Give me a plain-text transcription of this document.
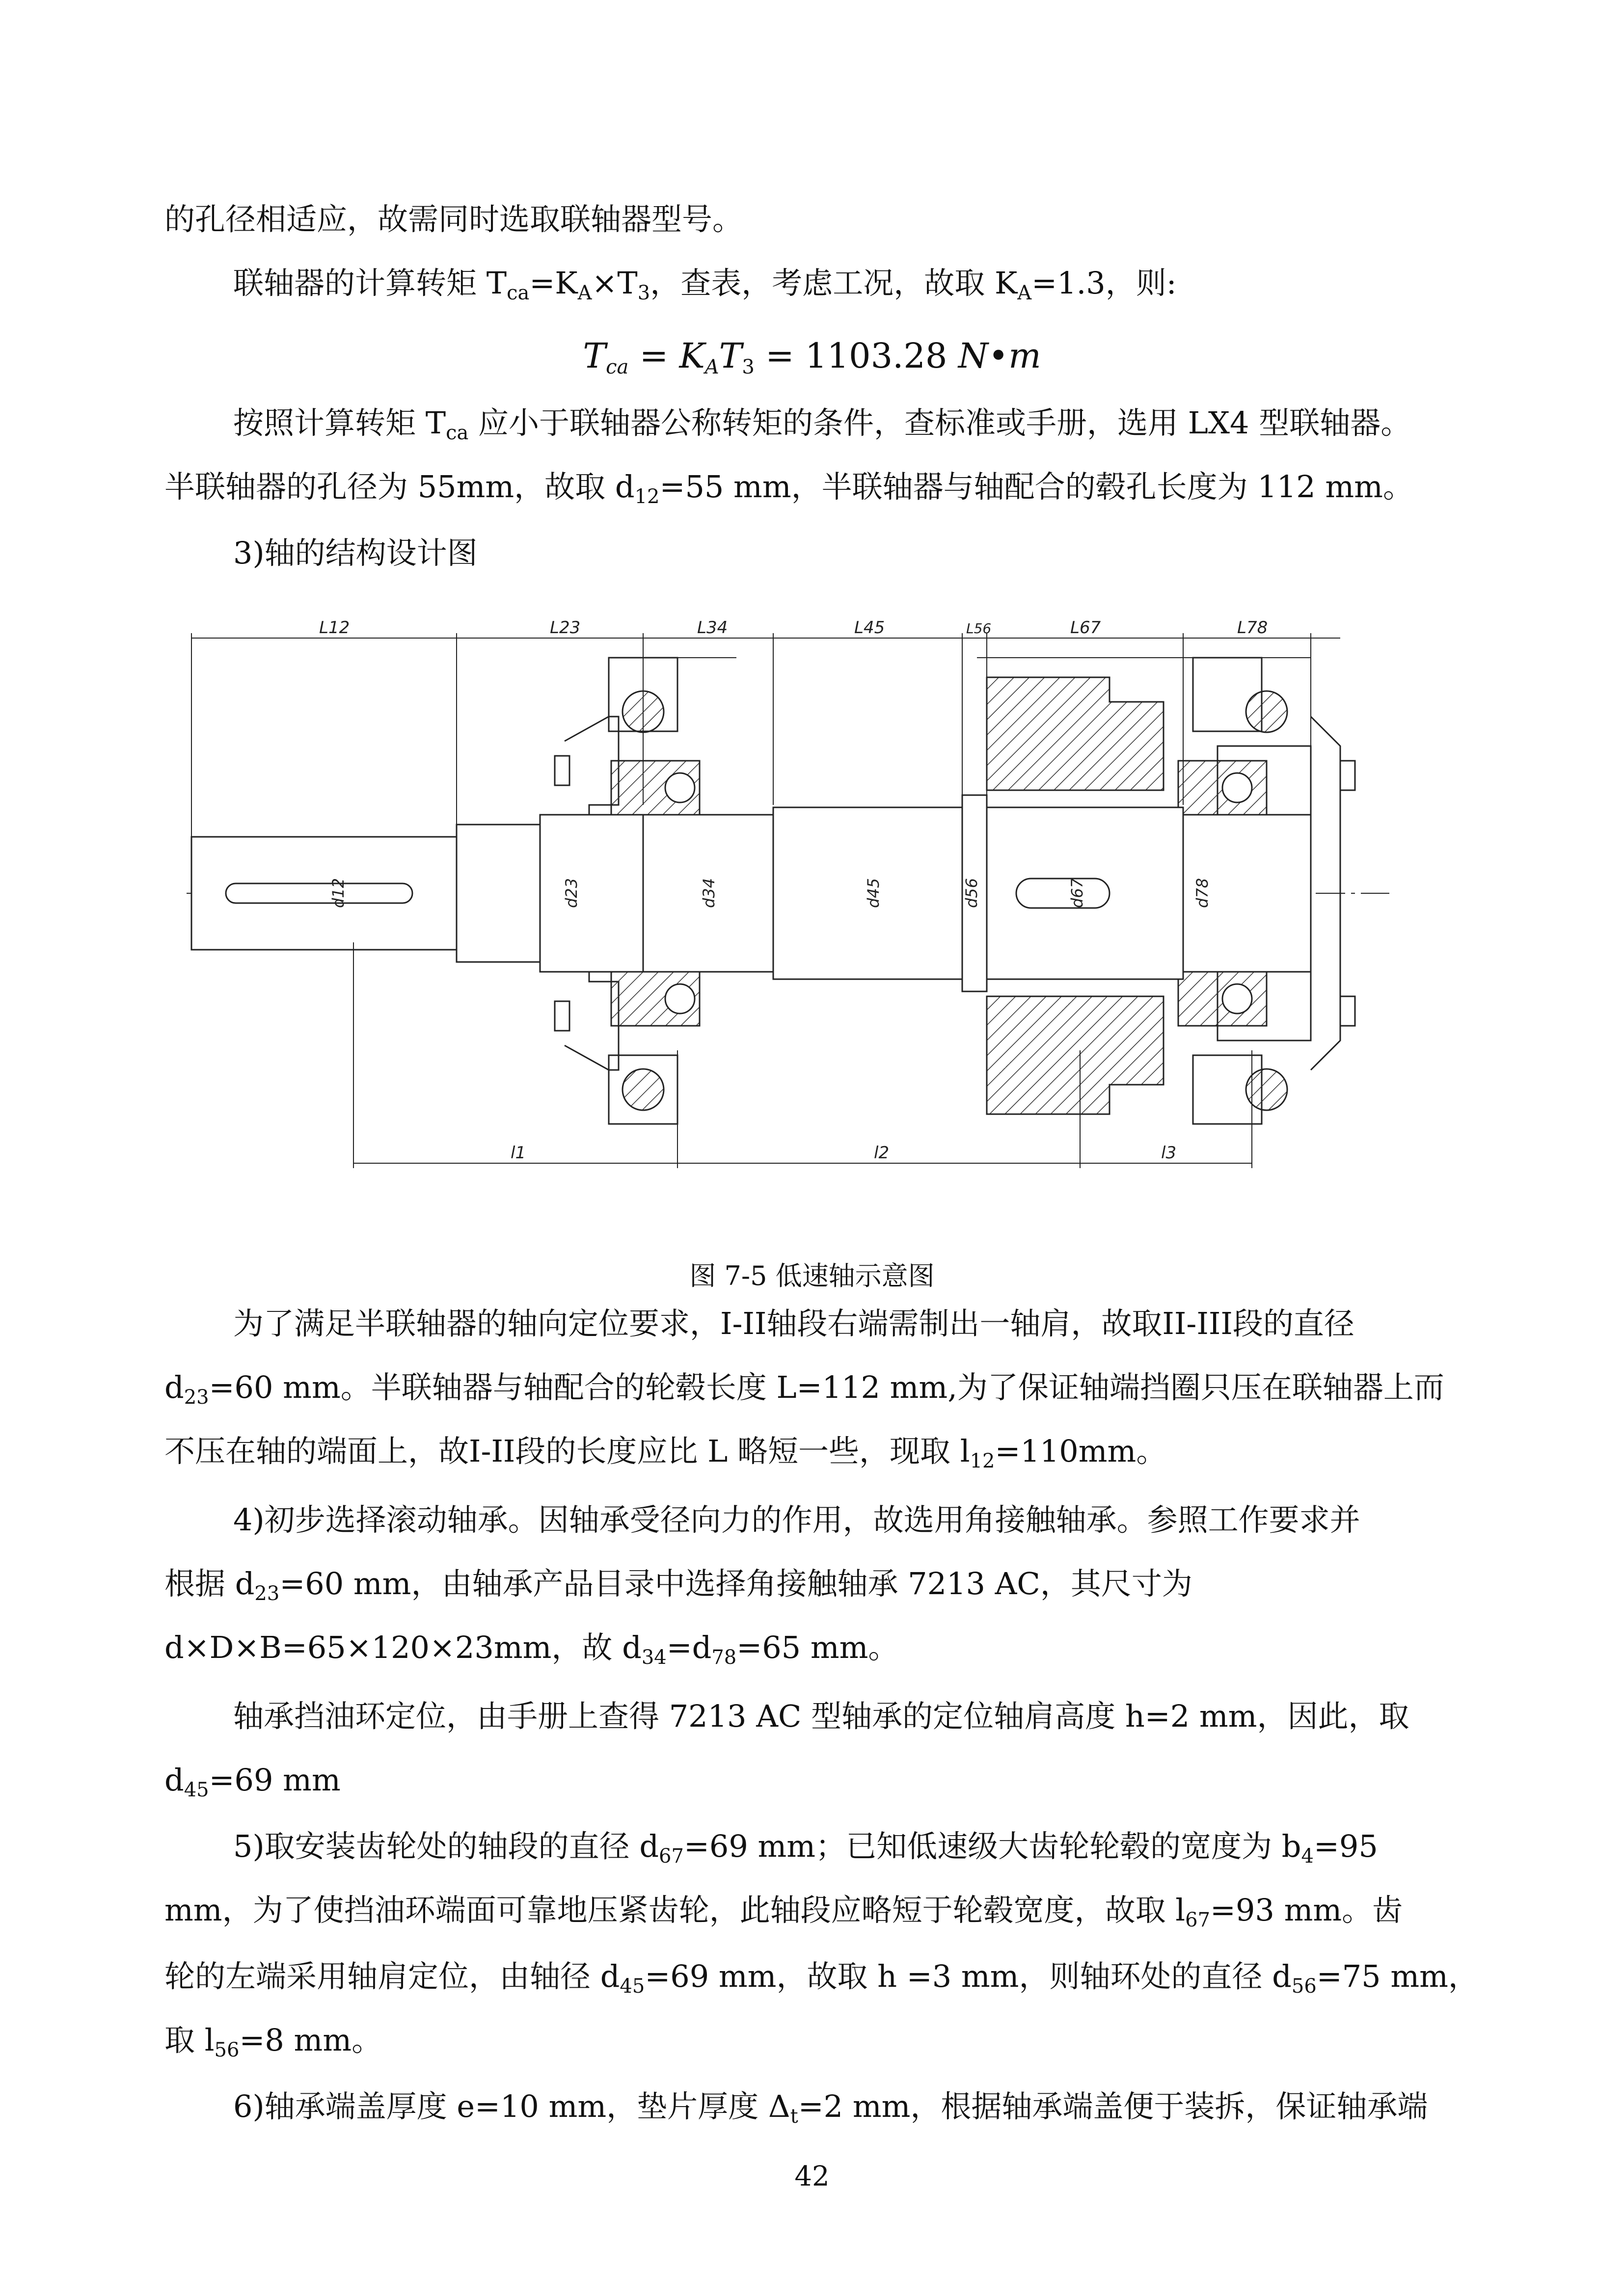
的孔径相适应，故需同时选取联轴器型号。

联轴器的计算转矩 $T_{ca}=K_A\times T_3$，查表，考虑工况，故取 $K_A=1.3$，则:

$T_{ca} = K_AT_3 = 1103.28$ N•m

按照计算转矩 $T_{ca}$ 应小于联轴器公称转矩的条件，查标准或手册，选用 LX4 型联轴器。

半联轴器的孔径为 55mm，故取 $d_{12}=55$ mm，半联轴器与轴配合的毂孔长度为 112 mm。

3)轴的结构设计图

L12	L23	L34	L45	L56	L67	L78
d12	d23	d34	d45	d56	d67	d78
l1	l2	l3
图 7-5 低速轴示意图

为了满足半联轴器的轴向定位要求，I-II轴段右端需制出一轴肩，故取II-III段的直径

$d_{23}=60$ mm。半联轴器与轴配合的轮毂长度 L=112 mm,为了保证轴端挡圈只压在联轴器上而

不压在轴的端面上，故I-II段的长度应比 L 略短一些，现取 $l_{12}=110mm$。

4)初步选择滚动轴承。因轴承受径向力的作用，故选用角接触轴承。参照工作要求并

根据 $d_{23}=60$ mm，由轴承产品目录中选择角接触轴承 7213 AC，其尺寸为

d×D×B=65×120×23mm，故 $d_{34}=d_{78}=65$ mm。

轴承挡油环定位，由手册上查得 7213 AC 型轴承的定位轴肩高度 h=2 mm，因此，取

$d_{45}=69$ mm

5)取安装齿轮处的轴段的直径 $d_{67}=69$ mm；已知低速级大齿轮轮毂的宽度为 $b_4=95$

mm，为了使挡油环端面可靠地压紧齿轮，此轴段应略短于轮毂宽度，故取 $l_{67}=93$ mm。齿

轮的左端采用轴肩定位，由轴径 $d_{45}=69$ mm，故取 h =3 mm，则轴环处的直径 $d_{56}=75$ mm，

取 $l_{56}=8$ mm。

6)轴承端盖厚度 e=10 mm，垫片厚度 $\Delta_t=2$ mm，根据轴承端盖便于装拆，保证轴承端

42
